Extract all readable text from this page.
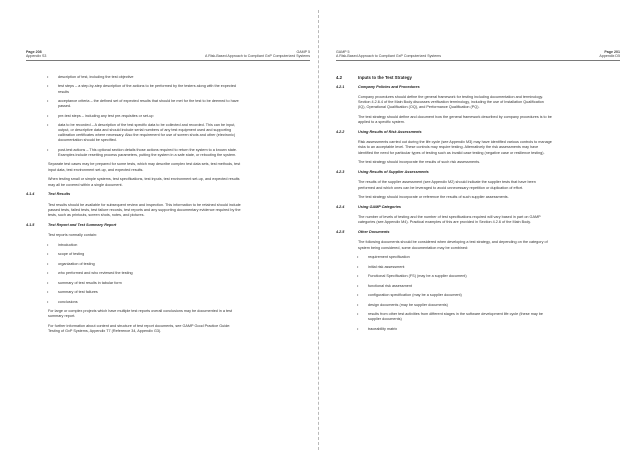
Page 208
Appendix S3
GAMP 5
A Risk-Based Approach to Compliant GxP Computerized Systems
•	description of test, including the test objective
•	test steps – a step-by-step description of the actions to be performed by the testers along with the expected
results
•	acceptance criteria – the defined set of expected results that should be met for the test to be deemed to have
passed.
•	pre-test steps – including any test pre-requisites or set-up
•	data to be recorded – A description of the test specific data to be collected and recorded. This can be input,
output, or descriptive data and should include serial numbers of any test equipment used and supporting
calibration certificates where necessary. Also the requirement for use of screen shots and other (electronic)
documentation should be specified.
•	post-test actions – This optional section details those actions required to return the system to a known state.
Examples include resetting process parameters, putting the system in a safe state, or rebooting the system.
Separate test cases may be prepared for some tests, which may describe complex test data sets, test methods, test
input data, test environment set-up, and expected results.
When testing small or simple systems, test specifications, test inputs, test environment set-up, and expected results
may all be covered within a single document.
4.1.4	Test Results
Test results should be available for subsequent review and inspection. This information to be retained should include
passed tests, failed tests, test failure records, test reports and any supporting documentary evidence required by the
tests, such as printouts, screen shots, notes, and pictures.
4.1.5	Test Report and Test Summary Report
Test reports normally contain:
•	introduction
•	scope of testing
•	organization of testing
•	who performed and who reviewed the testing
•	summary of test results in tabular form
•	summary of test failures
•	conclusions
For large or complex projects which have multiple test reports overall conclusions may be documented in a test
summary report.
For further information about content and structure of test report documents, see GAMP Good Practice Guide:
Testing of GxP Systems, Appendix T7 (Reference 34, Appendix G3).
GAMP 5
A Risk-Based Approach to Compliant GxP Computerized Systems
Page 201
Appendix D5
4.2	Inputs to the Test Strategy
4.2.1	Company Policies and Procedures
Company procedures should define the general framework for testing including documentation and terminology.
Section 4.2.6.4 of the Main Body discusses verification terminology, including the use of Installation Qualification
(IQ), Operational Qualification (OQ), and Performance Qualification (PQ).
The test strategy should define and document how the general framework described by company procedures is to be
applied to a specific system.
4.2.2	Using Results of Risk Assessments
Risk assessments carried out during the life cycle (see Appendix M3) may have identified various controls to manage
risks to an acceptable level. These controls may require testing. Alternatively the risk assessments may have
identified the need for particular types of testing such as invalid case testing (negative case or resilience testing).
The test strategy should incorporate the results of such risk assessments.
4.2.3	Using Results of Supplier Assessments
The results of the supplier assessment (see Appendix M2) should indicate the supplier tests that have been
performed and which ones can be leveraged to avoid unnecessary repetition or duplication of effort.
The test strategy should incorporate or reference the results of such supplier assessments.
4.2.4	Using GAMP Categories
The number of levels of testing and the number of test specifications required will vary based in part on GAMP
categories (see Appendix M4). Practical examples of this are provided in Section 4.2.6 of the Main Body.
4.2.5	Other Documents
The following documents should be considered when developing a test strategy, and depending on the category of
system being considered, some documentation may be combined:
•	requirement specification
•	initial risk assessment
•	Functional Specification (FS) (may be a supplier document)
•	functional risk assessment
•	configuration specification (may be a supplier document)
•	design documents (may be supplier documents)
•	results from other test activities from different stages in the software development life cycle (these may be
supplier documents)
•	traceability matrix
